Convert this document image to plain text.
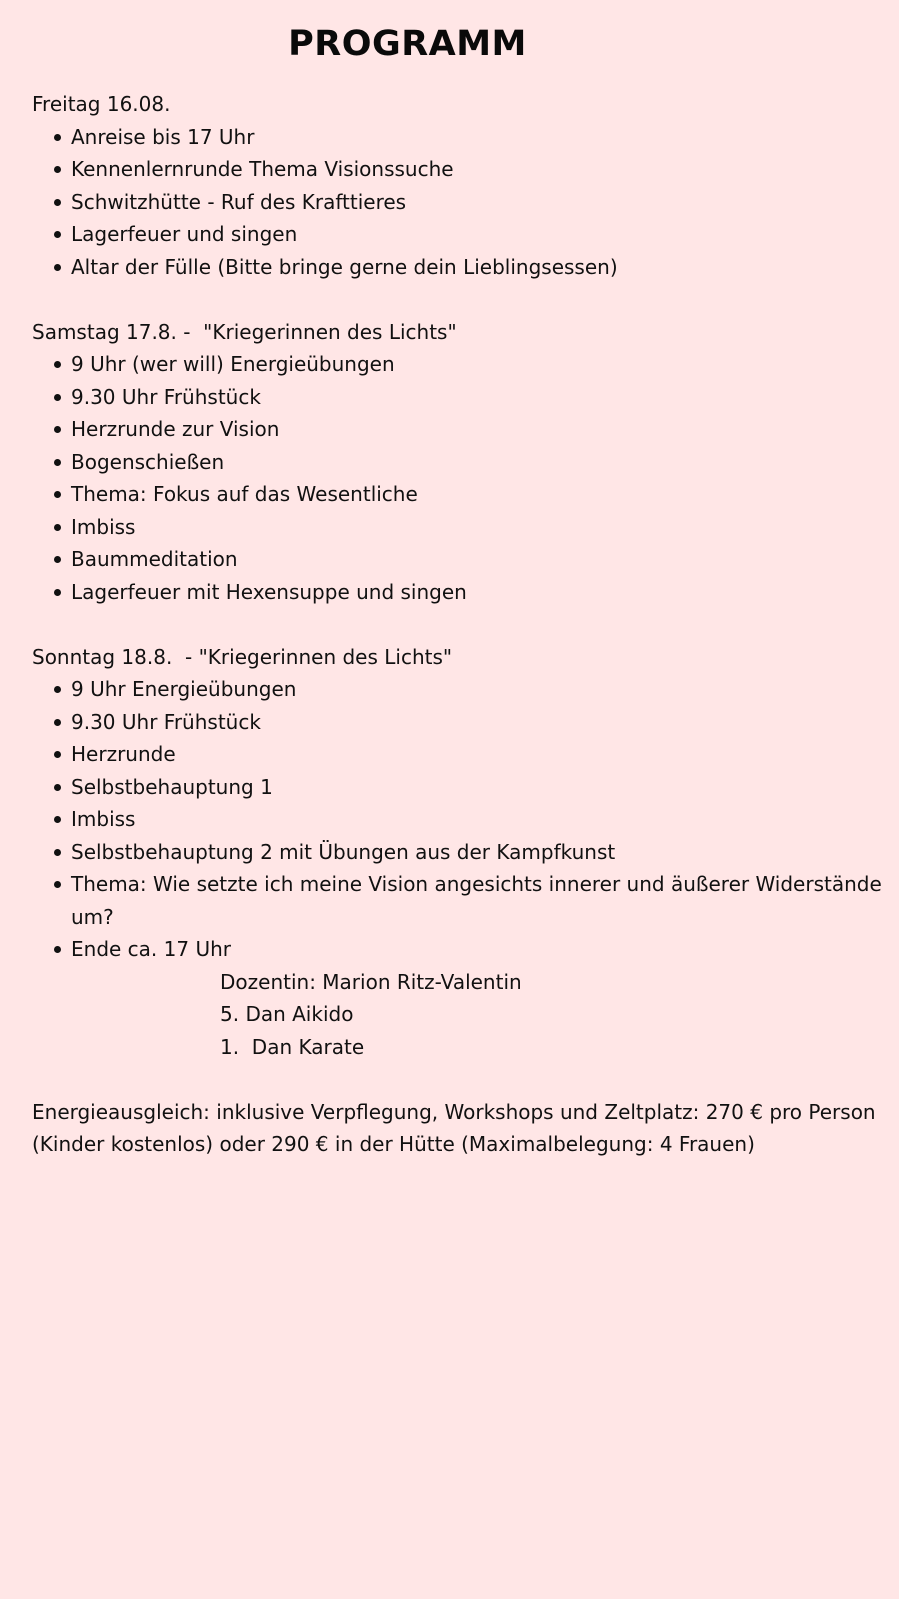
PROGRAMM

Freitag 16.08.

Anreise bis 17 Uhr
Kennenlernrunde Thema Visionssuche
Schwitzhütte - Ruf des Krafttieres
Lagerfeuer und singen
Altar der Fülle (Bitte bringe gerne dein Lieblingsessen)

Samstag 17.8. -  "Kriegerinnen des Lichts"

9 Uhr (wer will) Energieübungen
9.30 Uhr Frühstück
Herzrunde zur Vision
Bogenschießen
Thema: Fokus auf das Wesentliche
Imbiss
Baummeditation
Lagerfeuer mit Hexensuppe und singen

Sonntag 18.8.  - "Kriegerinnen des Lichts"

9 Uhr Energieübungen
9.30 Uhr Frühstück
Herzrunde
Selbstbehauptung 1
Imbiss
Selbstbehauptung 2 mit Übungen aus der Kampfkunst
Thema: Wie setzte ich meine Vision angesichts innerer und äußerer Widerstände um?
Ende ca. 17 Uhr
Dozentin: Marion Ritz-Valentin
5. Dan Aikido
1.  Dan Karate

Energieausgleich: inklusive Verpflegung, Workshops und Zeltplatz: 270 € pro Person (Kinder kostenlos) oder 290 € in der Hütte (Maximalbelegung: 4 Frauen)
